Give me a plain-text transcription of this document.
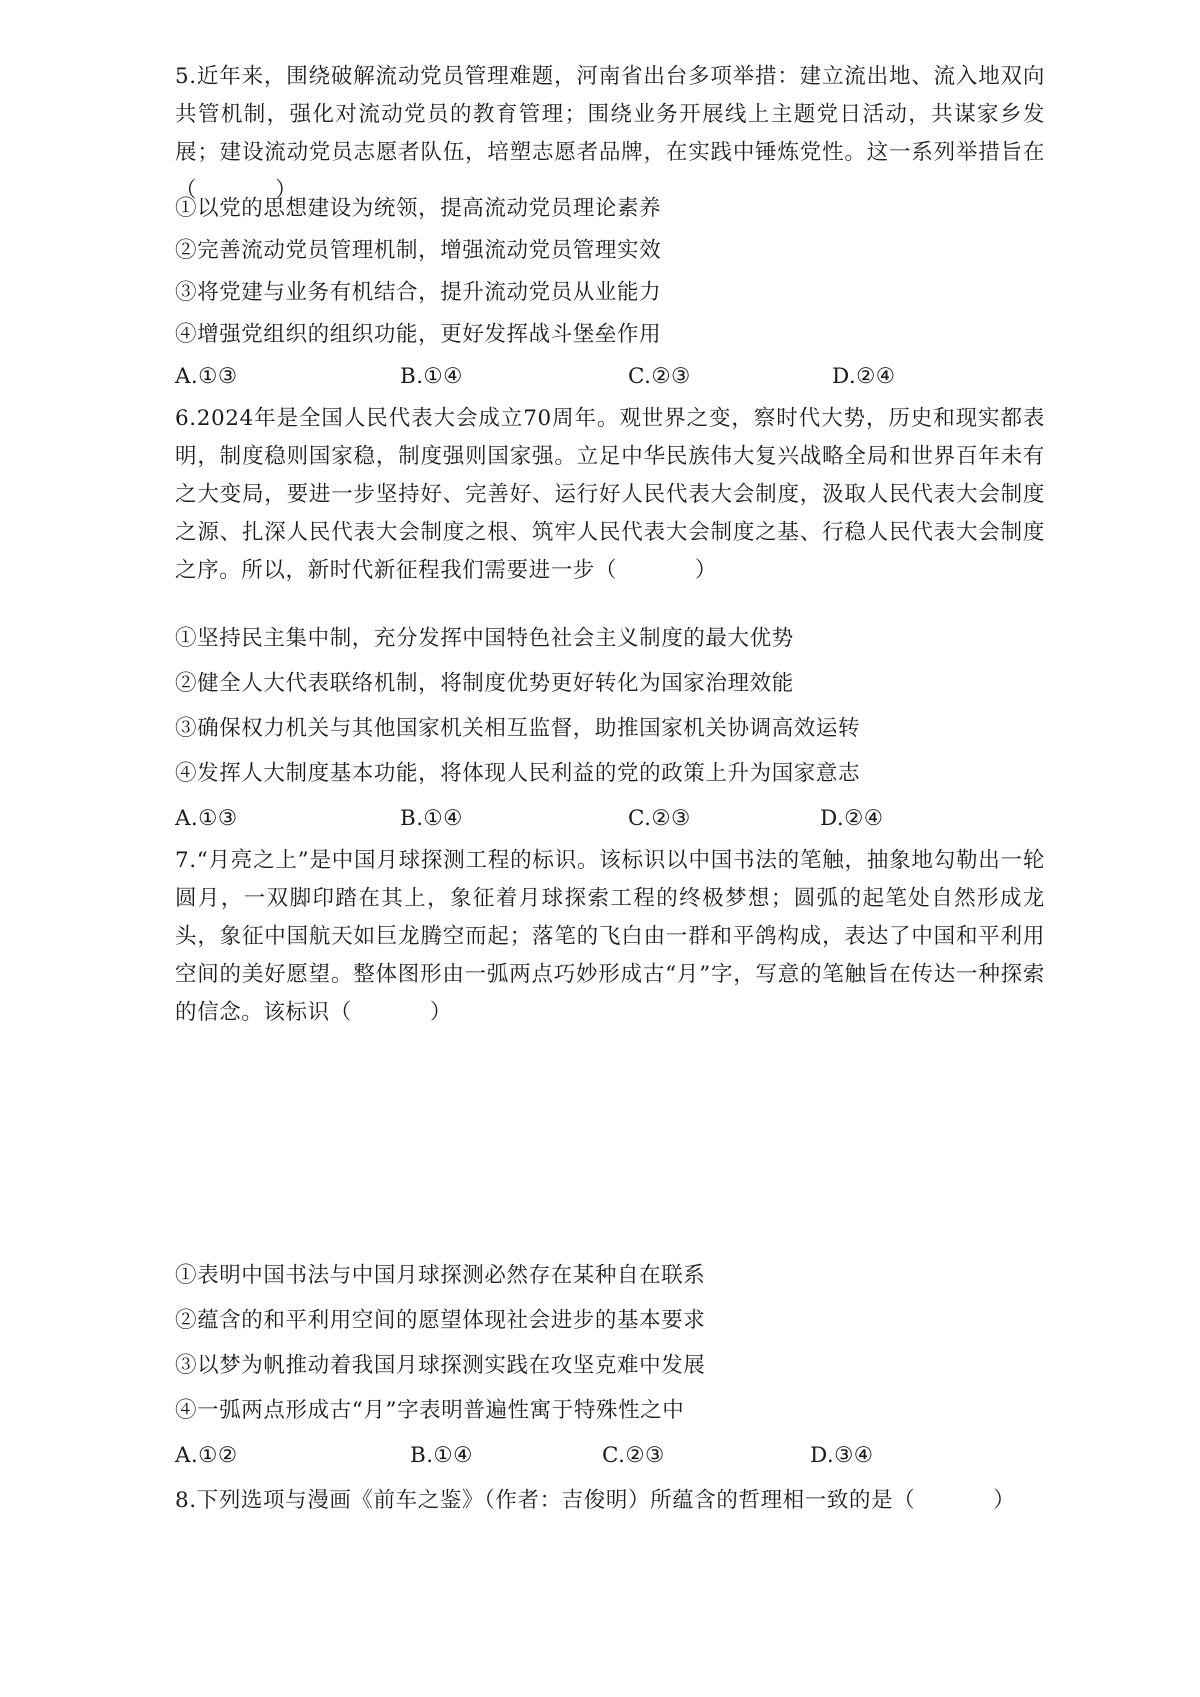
5.近年来，围绕破解流动党员管理难题，河南省出台多项举措：建立流出地、流入地双向共管机制，强化对流动党员的教育管理；围绕业务开展线上主题党日活动，共谋家乡发展；建设流动党员志愿者队伍，培塑志愿者品牌，在实践中锤炼党性。这一系列举措旨在（	）
①以党的思想建设为统领，提高流动党员理论素养
②完善流动党员管理机制，增强流动党员管理实效
③将党建与业务有机结合，提升流动党员从业能力
④增强党组织的组织功能，更好发挥战斗堡垒作用
A.①③	B.①④	C.②③	D.②④
6.2024年是全国人民代表大会成立70周年。观世界之变，察时代大势，历史和现实都表明，制度稳则国家稳，制度强则国家强。立足中华民族伟大复兴战略全局和世界百年未有之大变局，要进一步坚持好、完善好、运行好人民代表大会制度，汲取人民代表大会制度之源、扎深人民代表大会制度之根、筑牢人民代表大会制度之基、行稳人民代表大会制度之序。所以，新时代新征程我们需要进一步（	）
①坚持民主集中制，充分发挥中国特色社会主义制度的最大优势
②健全人大代表联络机制，将制度优势更好转化为国家治理效能
③确保权力机关与其他国家机关相互监督，助推国家机关协调高效运转
④发挥人大制度基本功能，将体现人民利益的党的政策上升为国家意志
A.①③	B.①④	C.②③	D.②④
7.“月亮之上”是中国月球探测工程的标识。该标识以中国书法的笔触，抽象地勾勒出一轮圆月，一双脚印踏在其上，象征着月球探索工程的终极梦想；圆弧的起笔处自然形成龙头，象征中国航天如巨龙腾空而起；落笔的飞白由一群和平鸽构成，表达了中国和平利用空间的美好愿望。整体图形由一弧两点巧妙形成古“月”字，写意的笔触旨在传达一种探索的信念。该标识（	）
①表明中国书法与中国月球探测必然存在某种自在联系
②蕴含的和平利用空间的愿望体现社会进步的基本要求
③以梦为帆推动着我国月球探测实践在攻坚克难中发展
④一弧两点形成古“月”字表明普遍性寓于特殊性之中
A.①②	B.①④	C.②③	D.③④
8.下列选项与漫画《前车之鉴》（作者：吉俊明）所蕴含的哲理相一致的是（	）
